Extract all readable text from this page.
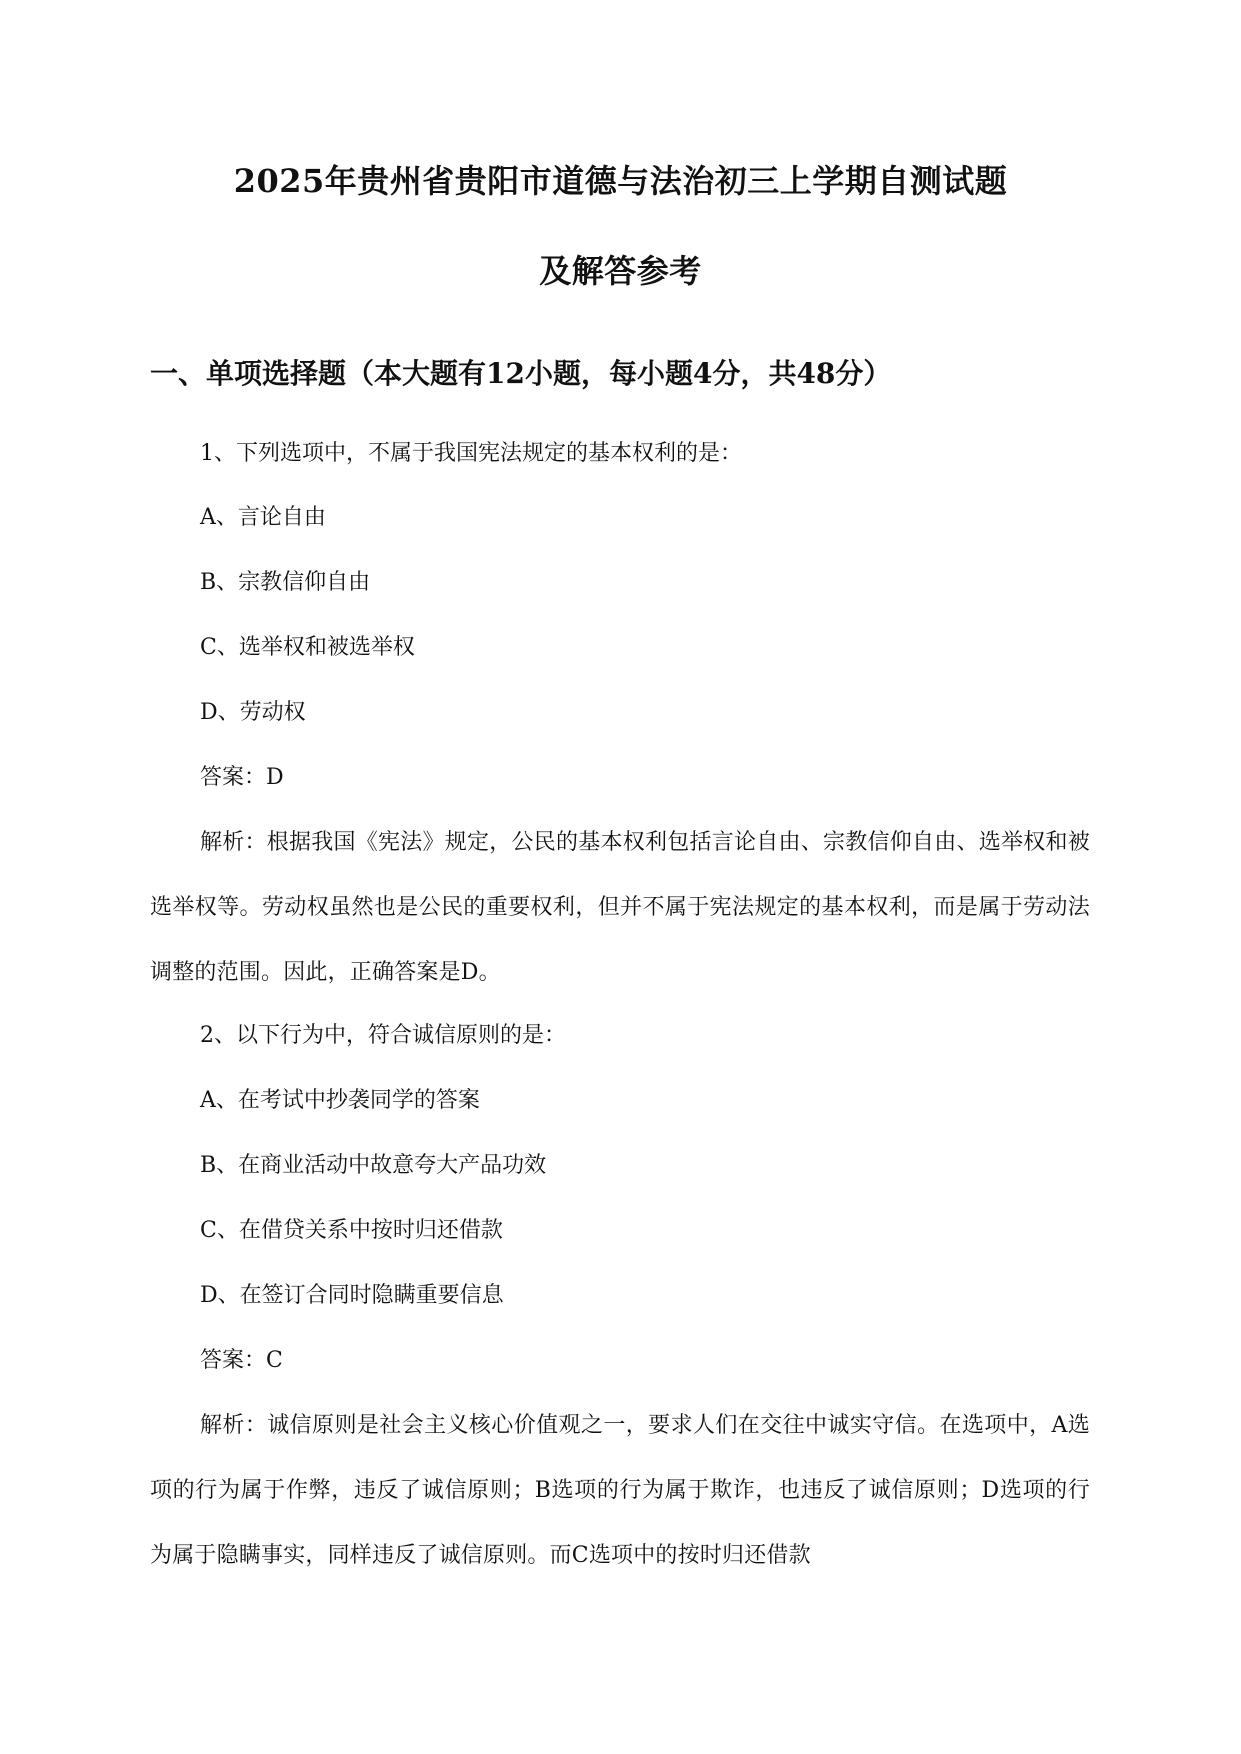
2025年贵州省贵阳市道德与法治初三上学期自测试题
及解答参考
一、单项选择题（本大题有12小题，每小题4分，共48分）
1、下列选项中，不属于我国宪法规定的基本权利的是：
A、言论自由
B、宗教信仰自由
C、选举权和被选举权
D、劳动权
答案：D
解析：根据我国《宪法》规定，公民的基本权利包括言论自由、宗教信仰自由、选举权和被选举权等。劳动权虽然也是公民的重要权利，但并不属于宪法规定的基本权利，而是属于劳动法调整的范围。因此，正确答案是D。
2、以下行为中，符合诚信原则的是：
A、在考试中抄袭同学的答案
B、在商业活动中故意夸大产品功效
C、在借贷关系中按时归还借款
D、在签订合同时隐瞒重要信息
答案：C
解析：诚信原则是社会主义核心价值观之一，要求人们在交往中诚实守信。在选项中，A选项的行为属于作弊，违反了诚信原则；B选项的行为属于欺诈，也违反了诚信原则；D选项的行为属于隐瞒事实，同样违反了诚信原则。而C选项中的按时归还借款
